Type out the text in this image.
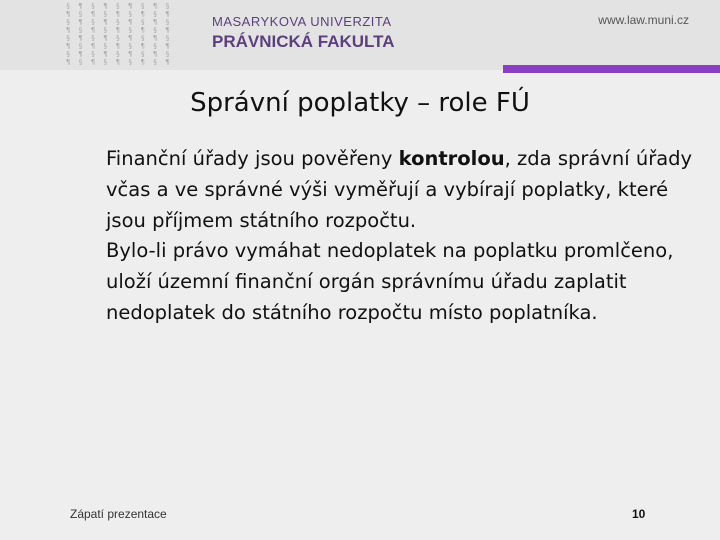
§ ¶ § ¶ § ¶ § ¶ §
¶ § ¶ § ¶ § ¶ § ¶
§ ¶ § ¶ § ¶ § ¶ §
¶ § ¶ § ¶ § ¶ § ¶
§ ¶ § ¶ § ¶ § ¶ §
¶ § ¶ § ¶ § ¶ § ¶
§ ¶ § ¶ § ¶ § ¶ §
¶ § ¶ § ¶ § ¶ § ¶
MASARYKOVA UNIVERZITA
PRÁVNICKÁ FAKULTA
www.law.muni.cz
Správní poplatky – role FÚ

Finanční úřady jsou pověřeny kontrolou, zda správní úřady včas a ve správné výši vyměřují a vybírají poplatky, které jsou příjmem státního rozpočtu.

Bylo-li právo vymáhat nedoplatek na poplatku promlčeno, uloží územní finanční orgán správnímu úřadu zaplatit nedoplatek do státního rozpočtu místo poplatníka.

Zápatí prezentace	10
